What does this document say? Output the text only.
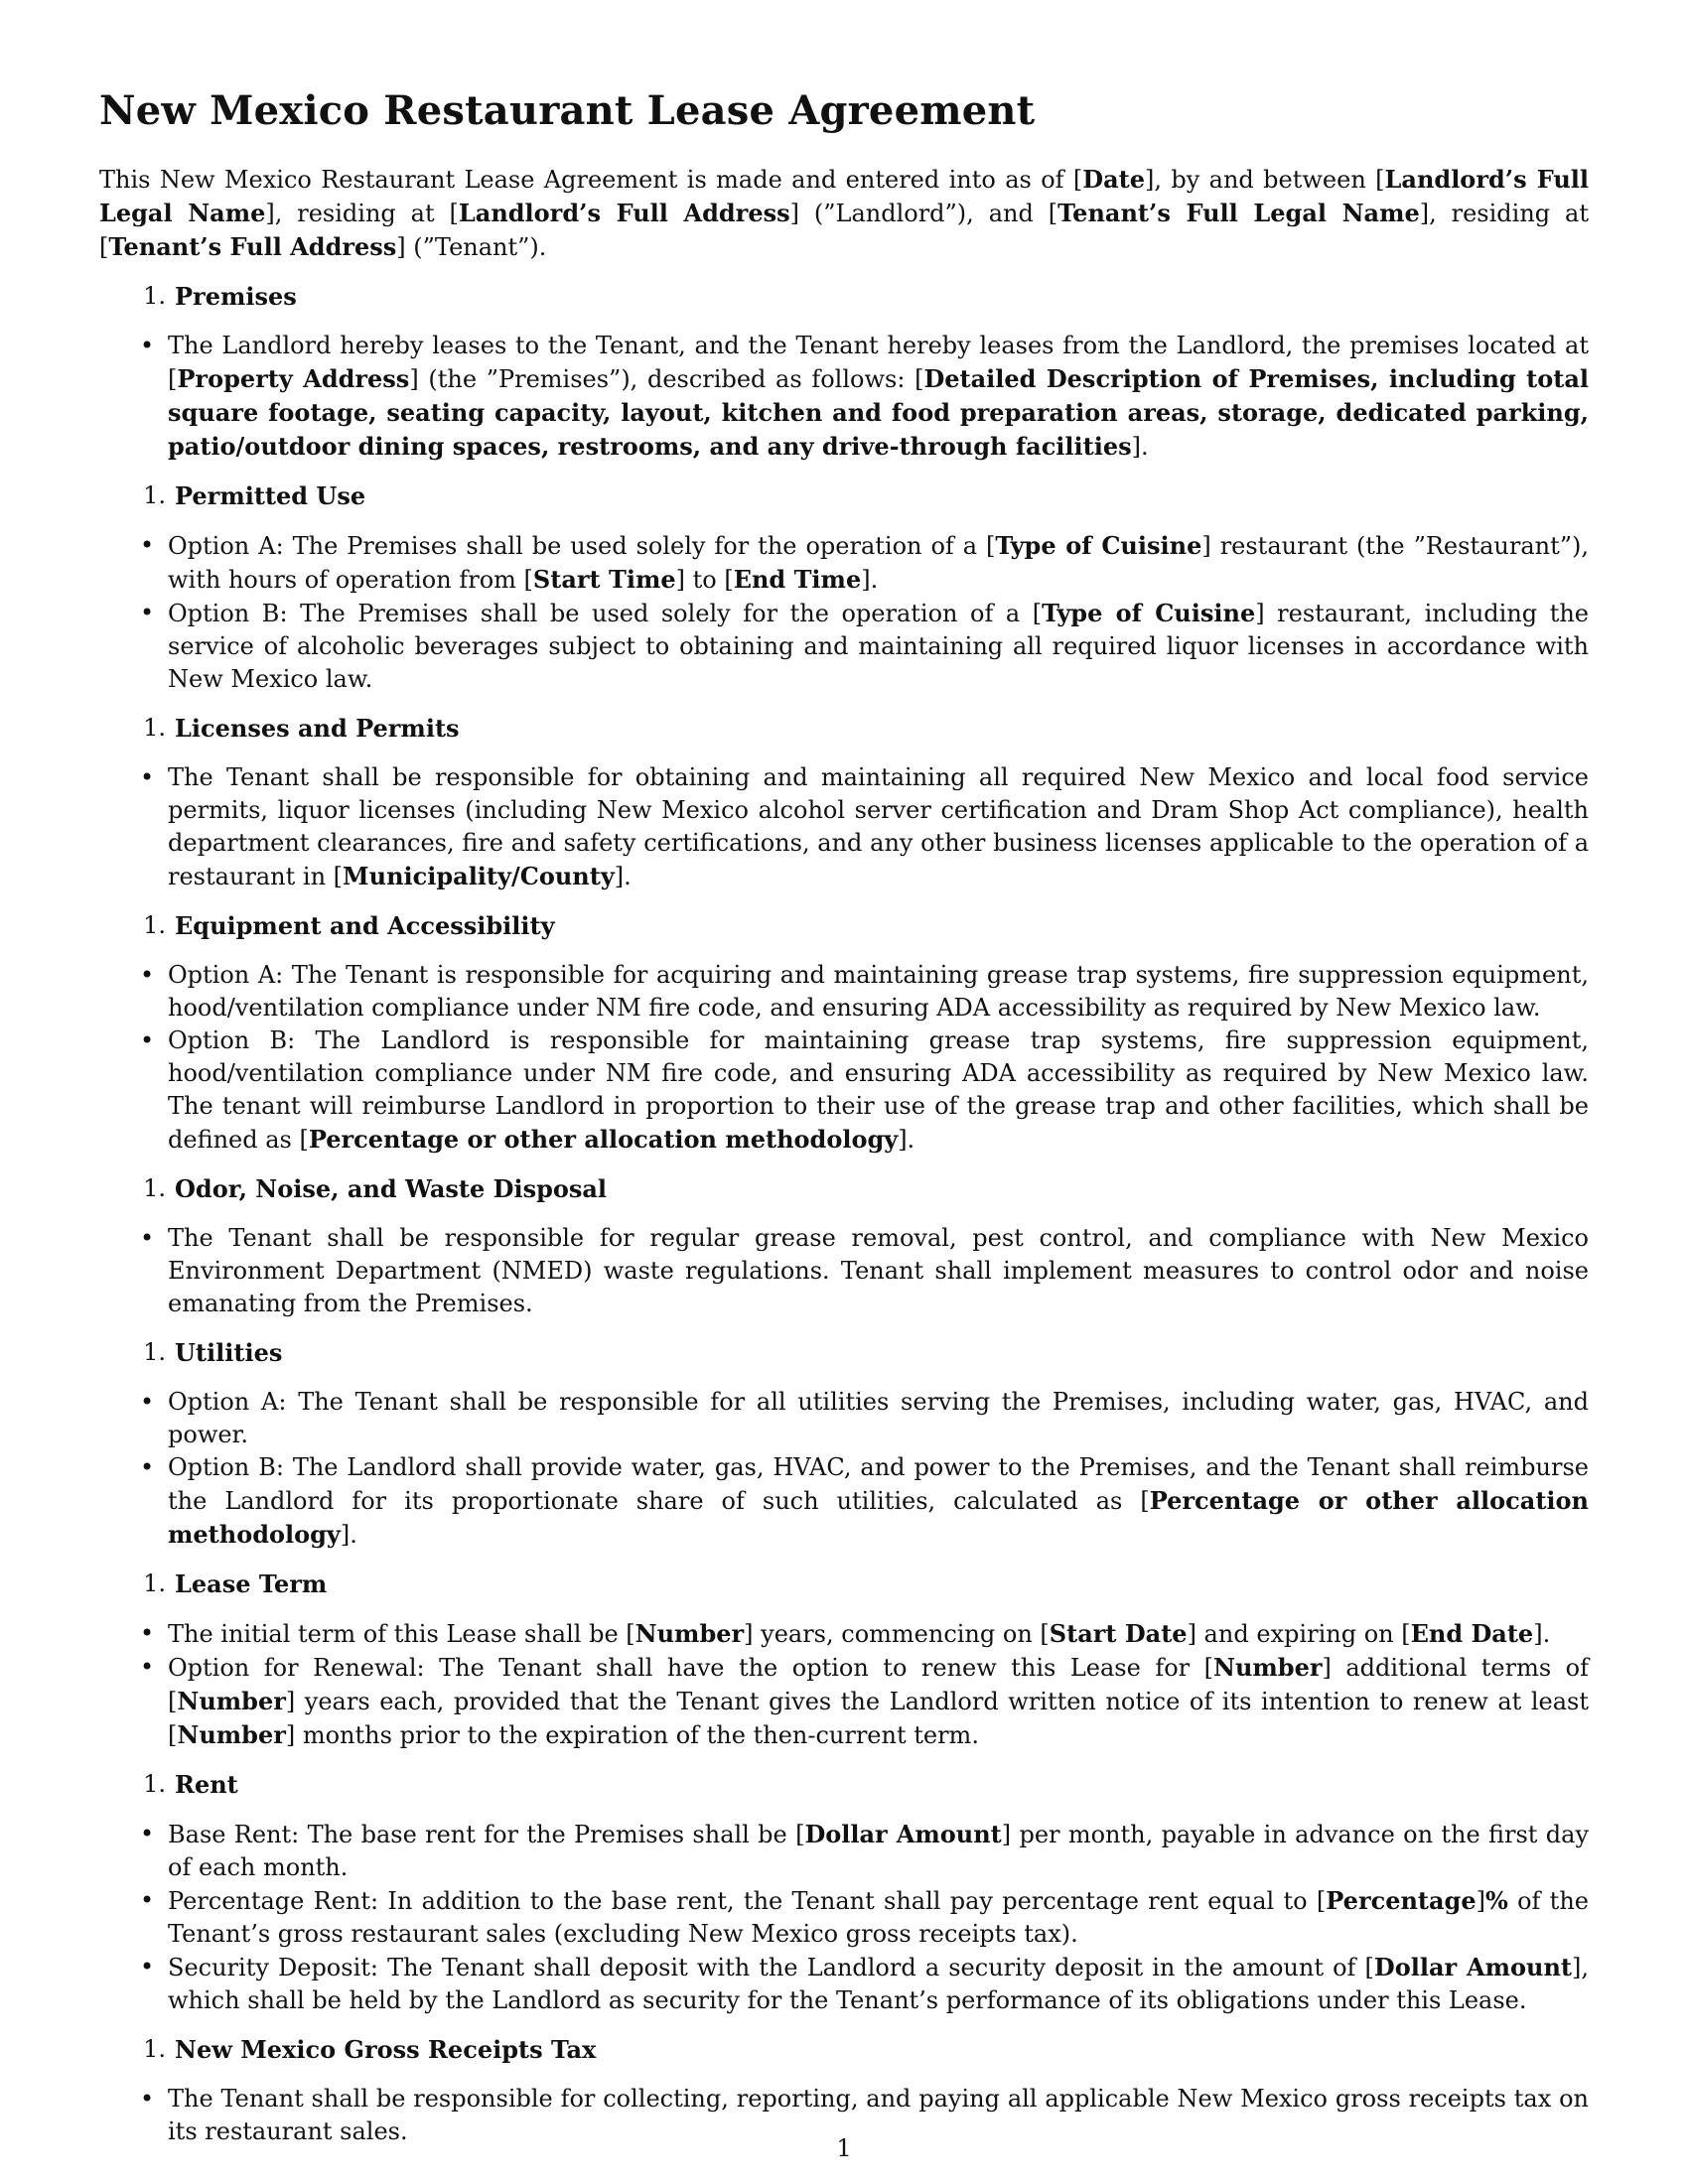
New Mexico Restaurant Lease Agreement

This New Mexico Restaurant Lease Agreement is made and entered into as of [Date], by and between [Landlord’s Full Legal Name], residing at [Landlord’s Full Address] (”Landlord”), and [Tenant’s Full Legal Name], residing at [Tenant’s Full Address] (”Tenant”).

1. Premises
• The Landlord hereby leases to the Tenant, and the Tenant hereby leases from the Landlord, the premises located at [Property Address] (the ”Premises”), described as follows: [Detailed Description of Premises, including total square footage, seating capacity, layout, kitchen and food preparation areas, storage, dedicated parking, patio/outdoor dining spaces, restrooms, and any drive-through facilities].
1. Permitted Use
• Option A: The Premises shall be used solely for the operation of a [Type of Cuisine] restaurant (the ”Restaurant”), with hours of operation from [Start Time] to [End Time].
• Option B: The Premises shall be used solely for the operation of a [Type of Cuisine] restaurant, including the service of alcoholic beverages subject to obtaining and maintaining all required liquor licenses in accordance with New Mexico law.
1. Licenses and Permits
• The Tenant shall be responsible for obtaining and maintaining all required New Mexico and local food service permits, liquor licenses (including New Mexico alcohol server certification and Dram Shop Act compliance), health department clearances, fire and safety certifications, and any other business licenses applicable to the operation of a restaurant in [Municipality/County].
1. Equipment and Accessibility
• Option A: The Tenant is responsible for acquiring and maintaining grease trap systems, fire suppression equipment, hood/ventilation compliance under NM fire code, and ensuring ADA accessibility as required by New Mexico law.
• Option B: The Landlord is responsible for maintaining grease trap systems, fire suppression equipment, hood/ventilation compliance under NM fire code, and ensuring ADA accessibility as required by New Mexico law. The tenant will reimburse Landlord in proportion to their use of the grease trap and other facilities, which shall be defined as [Percentage or other allocation methodology].
1. Odor, Noise, and Waste Disposal
• The Tenant shall be responsible for regular grease removal, pest control, and compliance with New Mexico Environment Department (NMED) waste regulations. Tenant shall implement measures to control odor and noise emanating from the Premises.
1. Utilities
• Option A: The Tenant shall be responsible for all utilities serving the Premises, including water, gas, HVAC, and power.
• Option B: The Landlord shall provide water, gas, HVAC, and power to the Premises, and the Tenant shall reimburse the Landlord for its proportionate share of such utilities, calculated as [Percentage or other allocation methodology].
1. Lease Term
• The initial term of this Lease shall be [Number] years, commencing on [Start Date] and expiring on [End Date].
• Option for Renewal: The Tenant shall have the option to renew this Lease for [Number] additional terms of [Number] years each, provided that the Tenant gives the Landlord written notice of its intention to renew at least [Number] months prior to the expiration of the then-current term.
1. Rent
• Base Rent: The base rent for the Premises shall be [Dollar Amount] per month, payable in advance on the first day of each month.
• Percentage Rent: In addition to the base rent, the Tenant shall pay percentage rent equal to [Percentage]% of the Tenant’s gross restaurant sales (excluding New Mexico gross receipts tax).
• Security Deposit: The Tenant shall deposit with the Landlord a security deposit in the amount of [Dollar Amount], which shall be held by the Landlord as security for the Tenant’s performance of its obligations under this Lease.
1. New Mexico Gross Receipts Tax
• The Tenant shall be responsible for collecting, reporting, and paying all applicable New Mexico gross receipts tax on its restaurant sales.
1
